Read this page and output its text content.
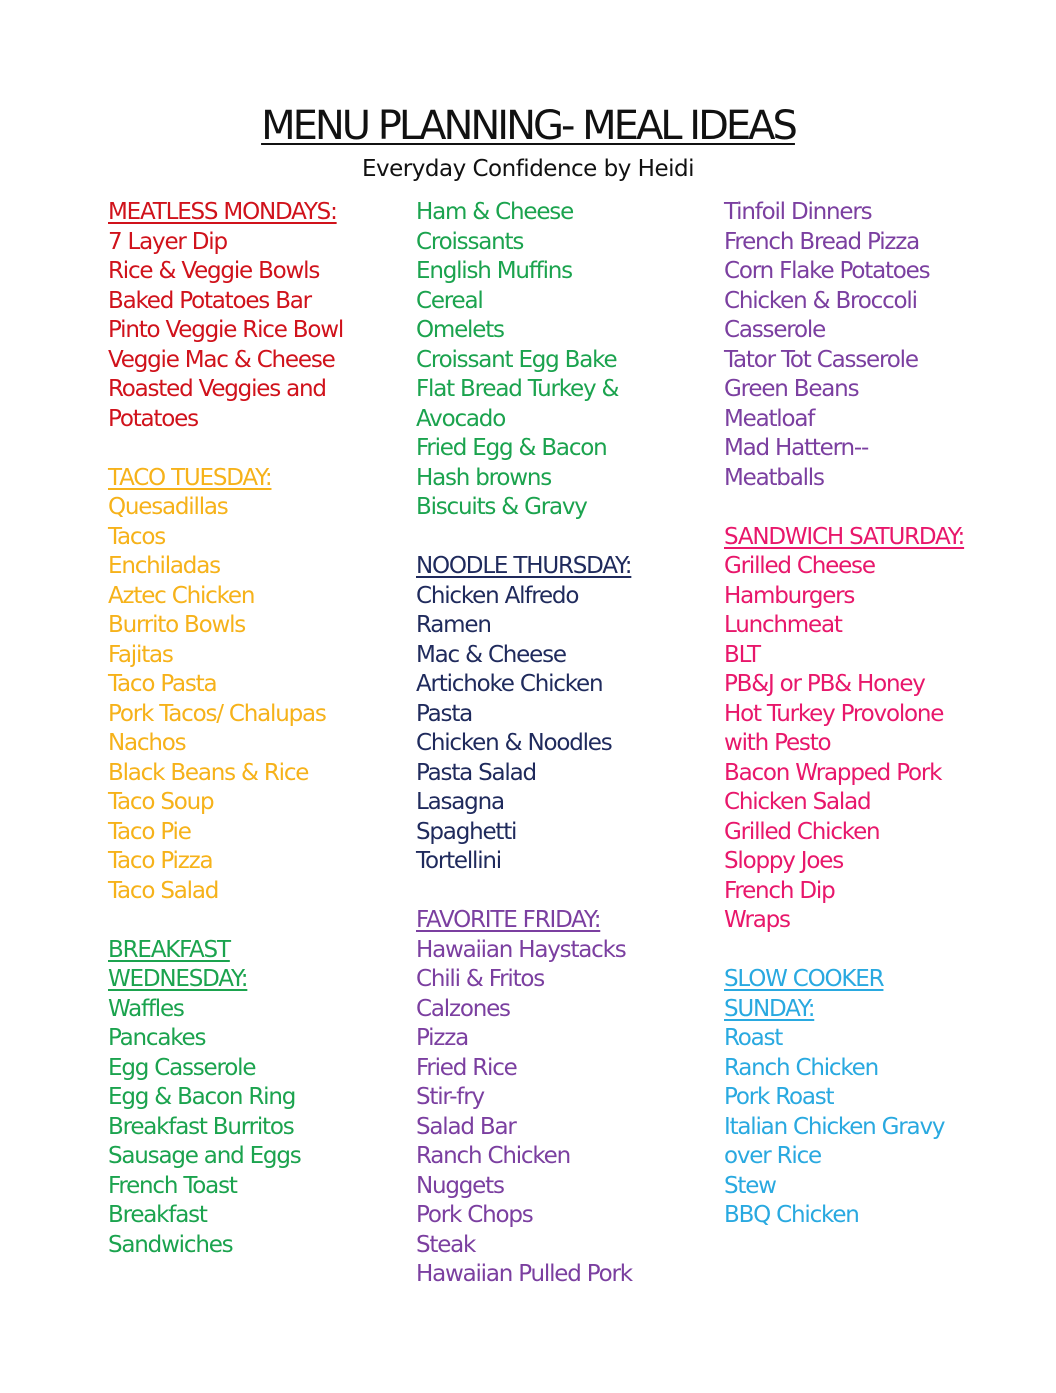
MENU PLANNING- MEAL IDEAS
Everyday Confidence by Heidi
MEATLESS MONDAYS:
7 Layer Dip
Rice & Veggie Bowls
Baked Potatoes Bar
Pinto Veggie Rice Bowl
Veggie Mac & Cheese
Roasted Veggies and
Potatoes
TACO TUESDAY:
Quesadillas
Tacos
Enchiladas
Aztec Chicken
Burrito Bowls
Fajitas
Taco Pasta
Pork Tacos/ Chalupas
Nachos
Black Beans & Rice
Taco Soup
Taco Pie
Taco Pizza
Taco Salad
BREAKFAST
WEDNESDAY:
Waffles
Pancakes
Egg Casserole
Egg & Bacon Ring
Breakfast Burritos
Sausage and Eggs
French Toast
Breakfast
Sandwiches
Ham & Cheese
Croissants
English Muffins
Cereal
Omelets
Croissant Egg Bake
Flat Bread Turkey &
Avocado
Fried Egg & Bacon
Hash browns
Biscuits & Gravy
NOODLE THURSDAY:
Chicken Alfredo
Ramen
Mac & Cheese
Artichoke Chicken
Pasta
Chicken & Noodles
Pasta Salad
Lasagna
Spaghetti
Tortellini
FAVORITE FRIDAY:
Hawaiian Haystacks
Chili & Fritos
Calzones
Pizza
Fried Rice
Stir-fry
Salad Bar
Ranch Chicken
Nuggets
Pork Chops
Steak
Hawaiian Pulled Pork
Tinfoil Dinners
French Bread Pizza
Corn Flake Potatoes
Chicken & Broccoli
Casserole
Tator Tot Casserole
Green Beans
Meatloaf
Mad Hattern--
Meatballs
SANDWICH SATURDAY:
Grilled Cheese
Hamburgers
Lunchmeat
BLT
PB&J or PB& Honey
Hot Turkey Provolone
with Pesto
Bacon Wrapped Pork
Chicken Salad
Grilled Chicken
Sloppy Joes
French Dip
Wraps
SLOW COOKER
SUNDAY:
Roast
Ranch Chicken
Pork Roast
Italian Chicken Gravy
over Rice
Stew
BBQ Chicken
